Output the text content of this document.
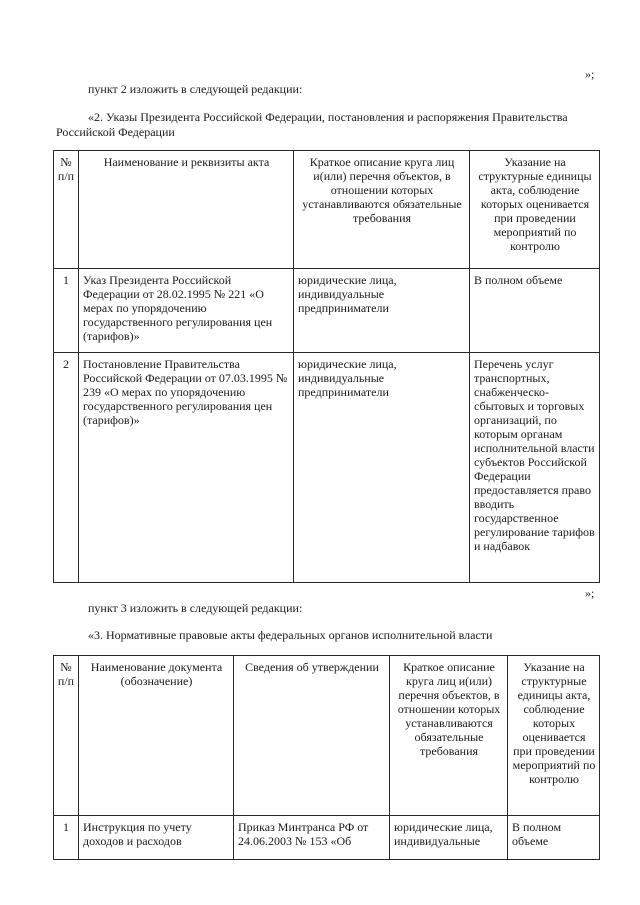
»;
пункт 2 изложить в следующей редакции:
«2. Указы Президента Российской Федерации, постановления и распоряжения Правительства
Российской Федерации
№ п/п	Наименование и реквизиты акта	Краткое описание круга лиц и(или) перечня объектов, в отношении которых устанавливаются обязательные требования	Указание на структурные единицы акта, соблюдение которых оценивается при проведении мероприятий по контролю

1	Указ Президента Российской Федерации от 28.02.1995 № 221 «О мерах по упорядочению государственного регулирования цен (тарифов)»	юридические лица, индивидуальные предприниматели	В полном объеме

2	Постановление Правительства Российской Федерации от 07.03.1995 № 239 «О мерах по упорядочению государственного регулирования цен (тарифов)»	юридические лица, индивидуальные предприниматели	Перечень услуг транспортных, снабженческо-сбытовых и торговых организаций, по которым органам исполнительной власти субъектов Российской Федерации предоставляется право вводить государственное регулирование тарифов и надбавок
»;
пункт 3 изложить в следующей редакции:
«3. Нормативные правовые акты федеральных органов исполнительной власти
№ п/п	Наименование документа (обозначение)	Сведения об утверждении	Краткое описание круга лиц и(или) перечня объектов, в отношении которых устанавливаются обязательные требования	Указание на структурные единицы акта, соблюдение которых оценивается при проведении мероприятий по контролю

1	Инструкция по учету доходов и расходов	Приказ Минтранса РФ от 24.06.2003 № 153 «Об	юридические лица, индивидуальные	В полном объеме
